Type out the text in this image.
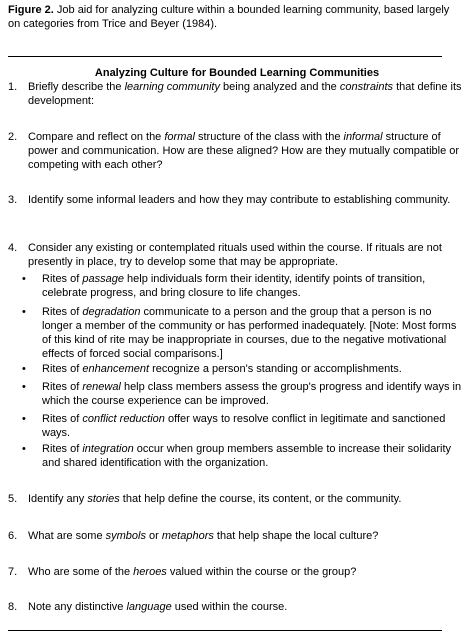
Figure 2. Job aid for analyzing culture within a bounded learning community, based largely on categories from Trice and Beyer (1984).
Analyzing Culture for Bounded Learning Communities
1. Briefly describe the learning community being analyzed and the constraints that define its development:
2. Compare and reflect on the formal structure of the class with the informal structure of power and communication. How are these aligned? How are they mutually compatible or competing with each other?
3. Identify some informal leaders and how they may contribute to establishing community.
4. Consider any existing or contemplated rituals used within the course. If rituals are not presently in place, try to develop some that may be appropriate.
• Rites of passage help individuals form their identity, identify points of transition, celebrate progress, and bring closure to life changes.
• Rites of degradation communicate to a person and the group that a person is no longer a member of the community or has performed inadequately. [Note: Most forms of this kind of rite may be inappropriate in courses, due to the negative motivational effects of forced social comparisons.]
• Rites of enhancement recognize a person's standing or accomplishments.
• Rites of renewal help class members assess the group's progress and identify ways in which the course experience can be improved.
• Rites of conflict reduction offer ways to resolve conflict in legitimate and sanctioned ways.
• Rites of integration occur when group members assemble to increase their solidarity and shared identification with the organization.
5. Identify any stories that help define the course, its content, or the community.
6. What are some symbols or metaphors that help shape the local culture?
7. Who are some of the heroes valued within the course or the group?
8. Note any distinctive language used within the course.
